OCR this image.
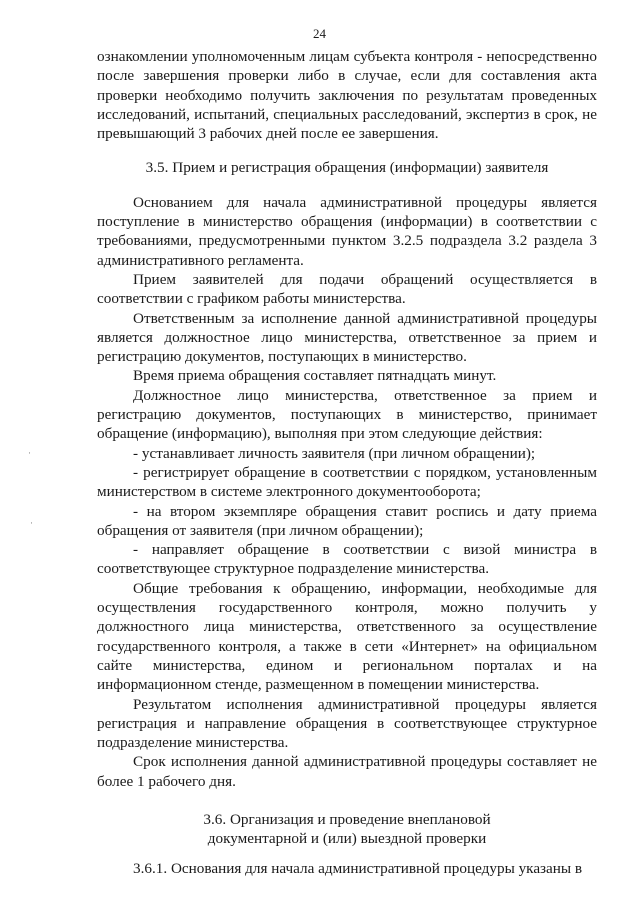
24
·
·

ознакомлении уполномоченным лицам субъекта контроля - непосредственно после завершения проверки либо в случае, если для составления акта проверки необходимо получить заключения по результатам проведенных исследований, испытаний, специальных расследований, экспертиз в срок, не превышающий 3 рабочих дней после ее завершения.

3.5. Прием и регистрация обращения (информации) заявителя

Основанием для начала административной процедуры является поступление в министерство обращения (информации) в соответствии с требованиями, предусмотренными пунктом 3.2.5 подраздела 3.2 раздела 3 административного регламента.

Прием заявителей для подачи обращений осуществляется в соответствии с графиком работы министерства.

Ответственным за исполнение данной административной процедуры является должностное лицо министерства, ответственное за прием и регистрацию документов, поступающих в министерство.

Время приема обращения составляет пятнадцать минут.

Должностное лицо министерства, ответственное за прием и регистрацию документов, поступающих в министерство, принимает обращение (информацию), выполняя при этом следующие действия:

- устанавливает личность заявителя (при личном обращении);

- регистрирует обращение в соответствии с порядком, установленным министерством в системе электронного документооборота;

- на втором экземпляре обращения ставит роспись и дату приема обращения от заявителя (при личном обращении);

- направляет обращение в соответствии с визой министра в соответствующее структурное подразделение министерства.

Общие требования к обращению, информации, необходимые для осуществления государственного контроля, можно получить у должностного лица министерства, ответственного за осуществление государственного контроля, а также в сети «Интернет» на официальном сайте министерства, едином и региональном порталах и на информационном стенде, размещенном в помещении министерства.

Результатом исполнения административной процедуры является регистрация и направление обращения в соответствующее структурное подразделение министерства.

Срок исполнения данной административной процедуры составляет не более 1 рабочего дня.

3.6. Организация и проведение внеплановой
документарной и (или) выездной проверки

3.6.1. Основания для начала административной процедуры указаны в
